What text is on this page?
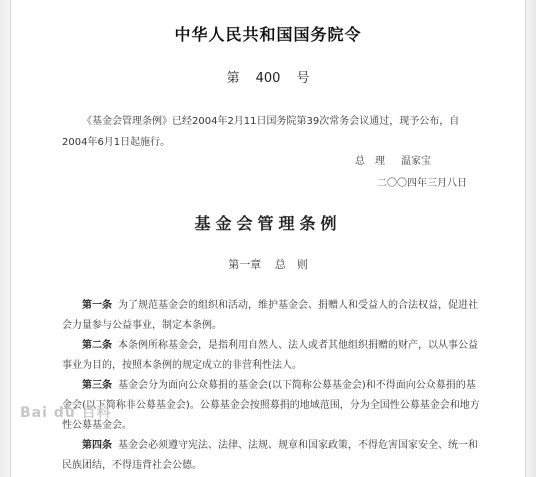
中华人民共和国国务院令
第 400 号
《基金会管理条例》已经2004年2月11日国务院第39次常务会议通过，现予公布，自2004年6月1日起施行。
总　理 温家宝
二〇〇四年三月八日
基金会管理条例
第一章 总　则
第一条 为了规范基金会的组织和活动，维护基金会、捐赠人和受益人的合法权益，促进社会力量参与公益事业，制定本条例。
第二条 本条例所称基金会，是指利用自然人、法人或者其他组织捐赠的财产，以从事公益事业为目的，按照本条例的规定成立的非营利性法人。
第三条 基金会分为面向公众募捐的基金会(以下简称公募基金会)和不得面向公众募捐的基金会(以下简称非公募基金会)。公募基金会按照募捐的地域范围，分为全国性公募基金会和地方性公募基金会。
第四条 基金会必须遵守宪法、法律、法规、规章和国家政策，不得危害国家安全、统一和民族团结，不得违背社会公德。
Bai du 百科
